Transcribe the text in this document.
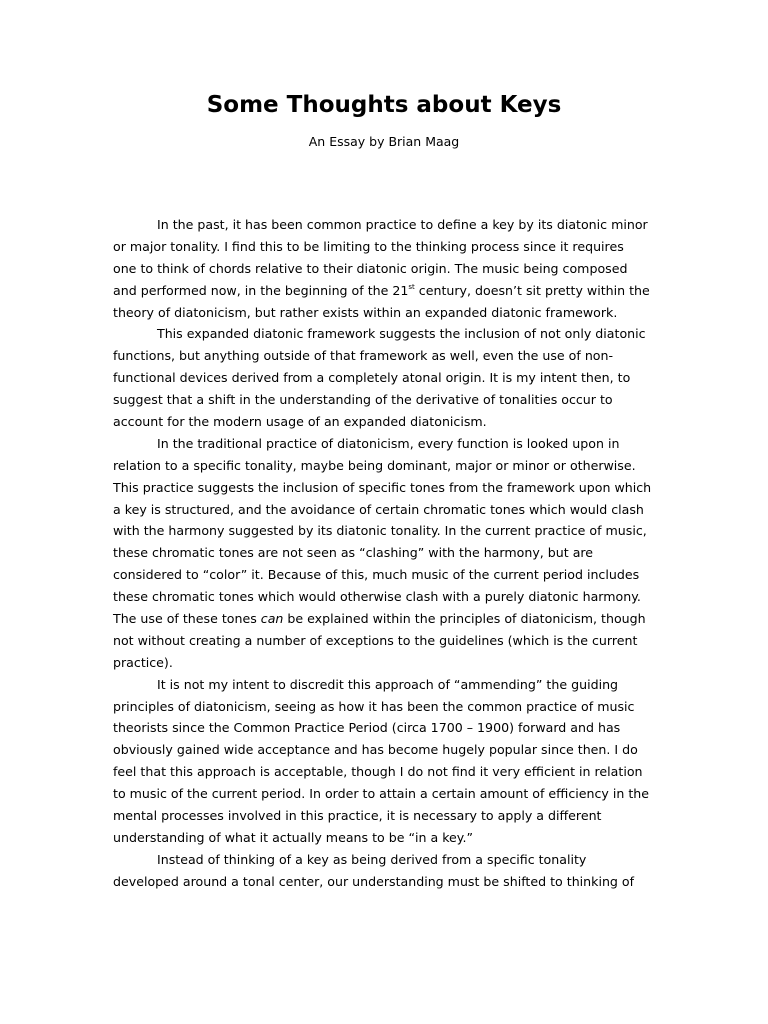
Some Thoughts about Keys

An Essay by Brian Maag

In the past, it has been common practice to define a key by its diatonic minor
or major tonality. I find this to be limiting to the thinking process since it requires
one to think of chords relative to their diatonic origin. The music being composed
and performed now, in the beginning of the 21st century, doesn’t sit pretty within the
theory of diatonicism, but rather exists within an expanded diatonic framework.
This expanded diatonic framework suggests the inclusion of not only diatonic
functions, but anything outside of that framework as well, even the use of non-
functional devices derived from a completely atonal origin. It is my intent then, to
suggest that a shift in the understanding of the derivative of tonalities occur to
account for the modern usage of an expanded diatonicism.
In the traditional practice of diatonicism, every function is looked upon in
relation to a specific tonality, maybe being dominant, major or minor or otherwise.
This practice suggests the inclusion of specific tones from the framework upon which
a key is structured, and the avoidance of certain chromatic tones which would clash
with the harmony suggested by its diatonic tonality. In the current practice of music,
these chromatic tones are not seen as “clashing” with the harmony, but are
considered to “color” it. Because of this, much music of the current period includes
these chromatic tones which would otherwise clash with a purely diatonic harmony.
The use of these tones can be explained within the principles of diatonicism, though
not without creating a number of exceptions to the guidelines (which is the current
practice).
It is not my intent to discredit this approach of “ammending” the guiding
principles of diatonicism, seeing as how it has been the common practice of music
theorists since the Common Practice Period (circa 1700 – 1900) forward and has
obviously gained wide acceptance and has become hugely popular since then. I do
feel that this approach is acceptable, though I do not find it very efficient in relation
to music of the current period. In order to attain a certain amount of efficiency in the
mental processes involved in this practice, it is necessary to apply a different
understanding of what it actually means to be “in a key.”
Instead of thinking of a key as being derived from a specific tonality
developed around a tonal center, our understanding must be shifted to thinking of
